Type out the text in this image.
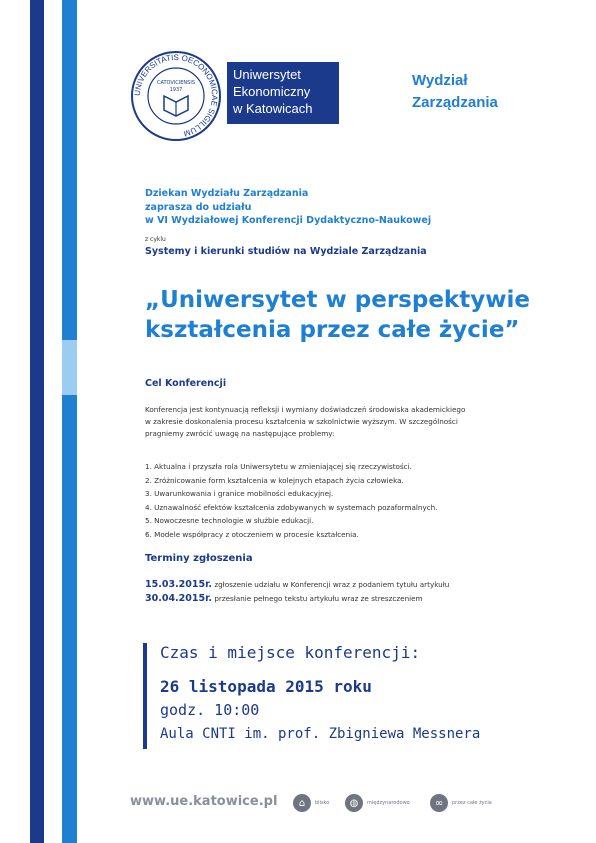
UNIVERSITATIS OECONOMICAE SIGILLUM
CATOVICIENSIS
1937
Uniwersytet
Ekonomiczny
w Katowicach
Wydział
Zarządzania
Dziekan Wydziału Zarządzania
zaprasza do udziału
w VI Wydziałowej Konferencji Dydaktyczno-Naukowej
z cyklu
Systemy i kierunki studiów na Wydziale Zarządzania
„Uniwersytet w perspektywie
kształcenia przez całe życie”
Cel Konferencji
Konferencja jest kontynuacją refleksji i wymiany doświadczeń środowiska akademickiego
w zakresie doskonalenia procesu kształcenia w szkolnictwie wyższym. W szczególności
pragniemy zwrócić uwagę na następujące problemy:
1. Aktualna i przyszła rola Uniwersytetu w zmieniającej się rzeczywistości.
2. Zróżnicowanie form kształcenia w kolejnych etapach życia człowieka.
3. Uwarunkowania i granice mobilności edukacyjnej.
4. Uznawalność efektów kształcenia zdobywanych w systemach pozaformalnych.
5. Nowoczesne technologie w służbie edukacji.
6. Modele współpracy z otoczeniem w procesie kształcenia.
Terminy zgłoszenia
15.03.2015r. zgłoszenie udziału w Konferencji wraz z podaniem tytułu artykułu
30.04.2015r. przesłanie pełnego tekstu artykułu wraz ze streszczeniem
Czas i miejsce konferencji:
26 listopada 2015 roku
godz. 10:00
Aula CNTI im. prof. Zbigniewa Messnera
www.ue.katowice.pl	⌂	blisko	◍	międzynarodowo	∞	przez całe życie
